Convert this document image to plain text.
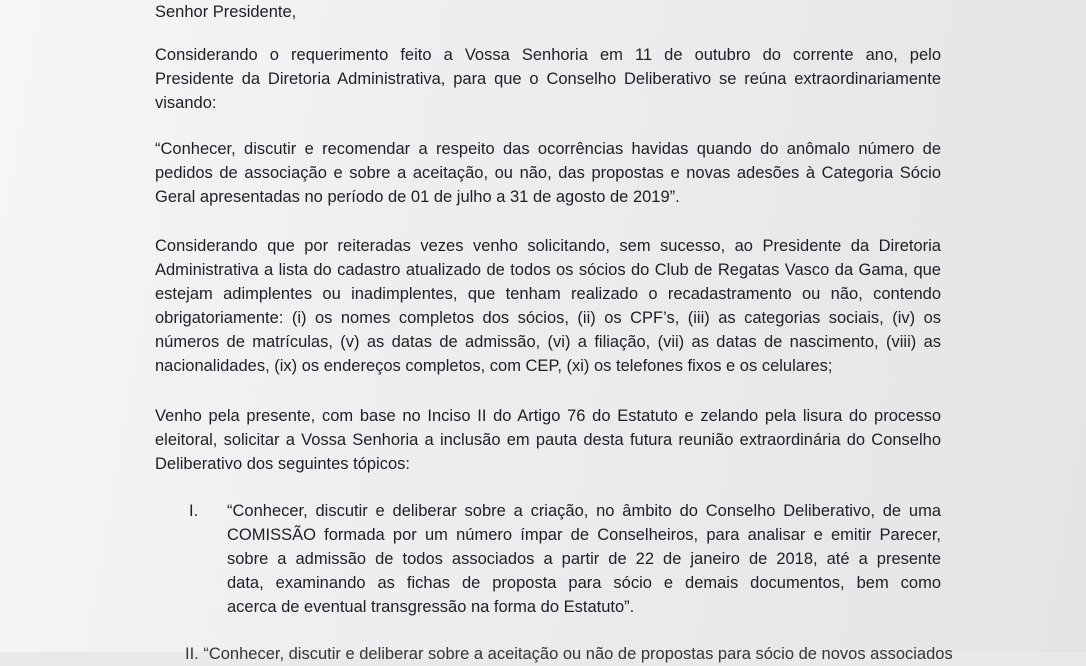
Senhor Presidente,
Considerando o requerimento feito a Vossa Senhoria em 11 de outubro do corrente ano, pelo
Presidente da Diretoria Administrativa, para que o Conselho Deliberativo se reúna extraordinariamente
visando:
“Conhecer, discutir e recomendar a respeito das ocorrências havidas quando do anômalo número de
pedidos de associação e sobre a aceitação, ou não, das propostas e novas adesões à Categoria Sócio
Geral apresentadas no período de 01 de julho a 31 de agosto de 2019”.
Considerando que por reiteradas vezes venho solicitando, sem sucesso, ao Presidente da Diretoria
Administrativa a lista do cadastro atualizado de todos os sócios do Club de Regatas Vasco da Gama, que
estejam adimplentes ou inadimplentes, que tenham realizado o recadastramento ou não, contendo
obrigatoriamente: (i) os nomes completos dos sócios, (ii) os CPF’s, (iii) as categorias sociais, (iv) os
números de matrículas, (v) as datas de admissão, (vi) a filiação, (vii) as datas de nascimento, (viii) as
nacionalidades, (ix) os endereços completos, com CEP, (xi) os telefones fixos e os celulares;
Venho pela presente, com base no Inciso II do Artigo 76 do Estatuto e zelando pela lisura do processo
eleitoral, solicitar a Vossa Senhoria a inclusão em pauta desta futura reunião extraordinária do Conselho
Deliberativo dos seguintes tópicos:
I. “Conhecer, discutir e deliberar sobre a criação, no âmbito do Conselho Deliberativo, de uma
COMISSÃO formada por um número ímpar de Conselheiros, para analisar e emitir Parecer,
sobre a admissão de todos associados a partir de 22 de janeiro de 2018, até a presente
data, examinando as fichas de proposta para sócio e demais documentos, bem como
acerca de eventual transgressão na forma do Estatuto”.
II. “Conhecer, discutir e deliberar sobre a aceitação ou não de propostas para sócio de novos associados
